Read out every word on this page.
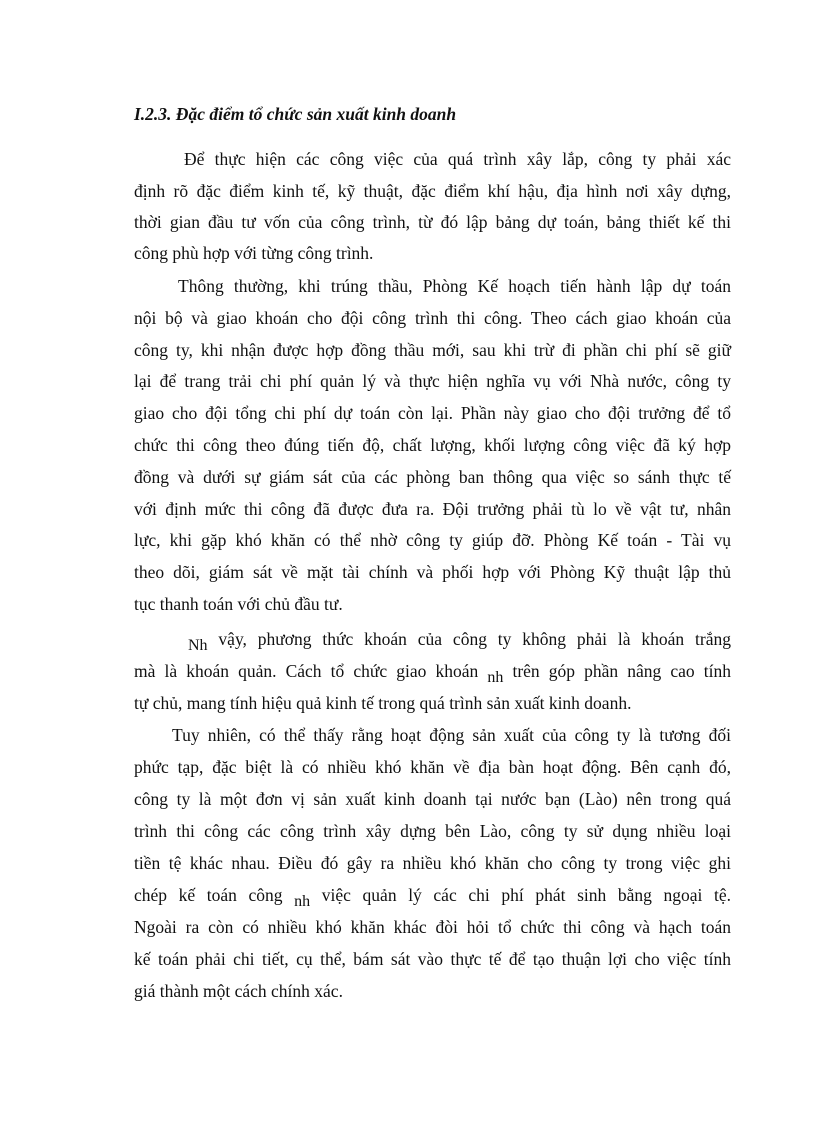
I.2.3. Đặc điểm tổ chức sản xuất kinh doanh
Để thực hiện các công việc của quá trình xây lắp, công ty phải xác
định rõ đặc điểm kinh tế, kỹ thuật, đặc điểm khí hậu, địa hình nơi xây dựng,
thời gian đầu tư vốn của công trình, từ đó lập bảng dự toán, bảng thiết kế thi
công phù hợp với từng công trình.
Thông thường, khi trúng thầu, Phòng Kế hoạch tiến hành lập dự toán
nội bộ và giao khoán cho đội công trình thi công. Theo cách giao khoán của
công ty, khi nhận được hợp đồng thầu mới, sau khi trừ đi phần chi phí sẽ giữ
lại để trang trải chi phí quản lý và thực hiện nghĩa vụ với Nhà nước, công ty
giao cho đội tổng chi phí dự toán còn lại. Phần này giao cho đội trưởng để tổ
chức thi công theo đúng tiến độ, chất lượng, khối lượng công việc đã ký hợp
đồng và dưới sự giám sát của các phòng ban thông qua việc so sánh thực tế
với định mức thi công đã được đưa ra. Đội trưởng phải tù lo về vật tư, nhân
lực, khi gặp khó khăn có thể nhờ công ty giúp đỡ. Phòng Kế toán - Tài vụ
theo dõi, giám sát về mặt tài chính và phối hợp với Phòng Kỹ thuật lập thủ
tục thanh toán với chủ đầu tư.
Nh vậy, phương thức khoán của công ty không phải là khoán trắng
mà là khoán quản. Cách tổ chức giao khoán nh trên góp phần nâng cao tính
tự chủ, mang tính hiệu quả kinh tế trong quá trình sản xuất kinh doanh.
Tuy nhiên, có thể thấy rằng hoạt động sản xuất của công ty là tương đối
phức tạp, đặc biệt là có nhiều khó khăn về địa bàn hoạt động. Bên cạnh đó,
công ty là một đơn vị sản xuất kinh doanh tại nước bạn (Lào) nên trong quá
trình thi công các công trình xây dựng bên Lào, công ty sử dụng nhiều loại
tiền tệ khác nhau. Điều đó gây ra nhiều khó khăn cho công ty trong việc ghi
chép kế toán công nh việc quản lý các chi phí phát sinh bằng ngoại tệ.
Ngoài ra còn có nhiều khó khăn khác đòi hỏi tổ chức thi công và hạch toán
kế toán phải chi tiết, cụ thể, bám sát vào thực tế để tạo thuận lợi cho việc tính
giá thành một cách chính xác.
